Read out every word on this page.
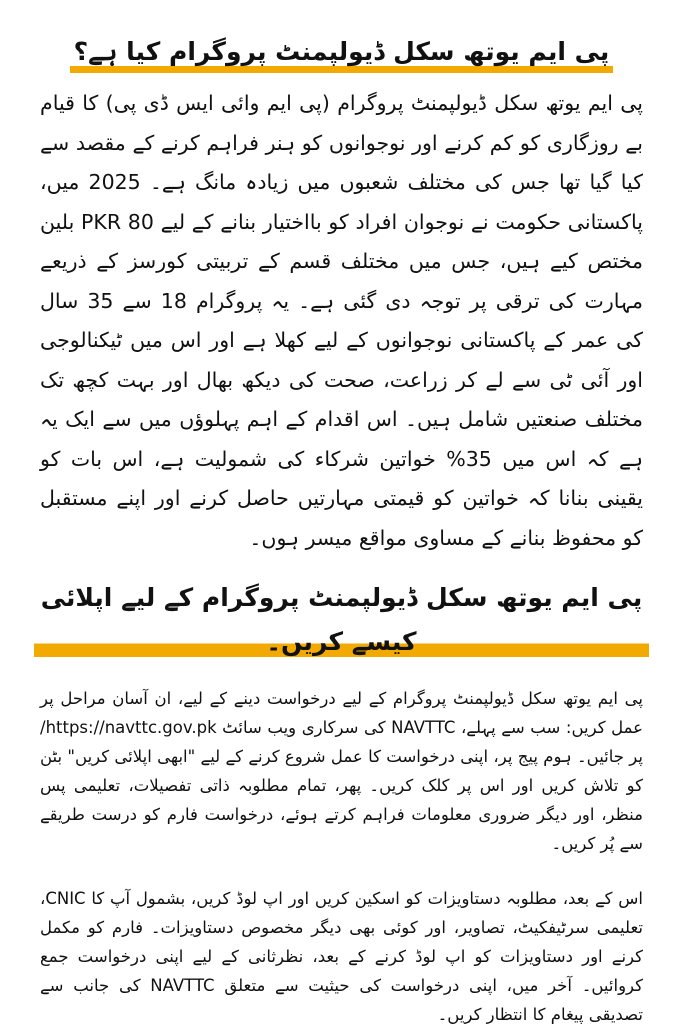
پی ایم یوتھ سکل ڈیولپمنٹ پروگرام کیا ہے؟

پی ایم یوتھ سکل ڈیولپمنٹ پروگرام (پی ایم وائی ایس ڈی پی) کا قیام بے روزگاری کو کم کرنے اور نوجوانوں کو ہنر فراہم کرنے کے مقصد سے کیا گیا تھا جس کی مختلف شعبوں میں زیادہ مانگ ہے۔ 2025 میں، پاکستانی حکومت نے نوجوان افراد کو بااختیار بنانے کے لیے PKR 80 بلین مختص کیے ہیں، جس میں مختلف قسم کے تربیتی کورسز کے ذریعے مہارت کی ترقی پر توجہ دی گئی ہے۔ یہ پروگرام 18 سے 35 سال کی عمر کے پاکستانی نوجوانوں کے لیے کھلا ہے اور اس میں ٹیکنالوجی اور آئی ٹی سے لے کر زراعت، صحت کی دیکھ بھال اور بہت کچھ تک مختلف صنعتیں شامل ہیں۔ اس اقدام کے اہم پہلوؤں میں سے ایک یہ ہے کہ اس میں 35% خواتین شرکاء کی شمولیت ہے، اس بات کو یقینی بنانا کہ خواتین کو قیمتی مہارتیں حاصل کرنے اور اپنے مستقبل کو محفوظ بنانے کے مساوی مواقع میسر ہوں۔

پی ایم یوتھ سکل ڈیولپمنٹ پروگرام کے لیے اپلائی کیسے کریں۔

پی ایم یوتھ سکل ڈیولپمنٹ پروگرام کے لیے درخواست دینے کے لیے، ان آسان مراحل پر عمل کریں: سب سے پہلے، NAVTTC کی سرکاری ویب سائٹ https://navttc.gov.pk/ پر جائیں۔ ہوم پیج پر، اپنی درخواست کا عمل شروع کرنے کے لیے "ابھی اپلائی کریں" بٹن کو تلاش کریں اور اس پر کلک کریں۔ پھر، تمام مطلوبہ ذاتی تفصیلات، تعلیمی پس منظر، اور دیگر ضروری معلومات فراہم کرتے ہوئے، درخواست فارم کو درست طریقے سے پُر کریں۔

اس کے بعد، مطلوبہ دستاویزات کو اسکین کریں اور اپ لوڈ کریں، بشمول آپ کا CNIC، تعلیمی سرٹیفکیٹ، تصاویر، اور کوئی بھی دیگر مخصوص دستاویزات۔ فارم کو مکمل کرنے اور دستاویزات کو اپ لوڈ کرنے کے بعد، نظرثانی کے لیے اپنی درخواست جمع کروائیں۔ آخر میں، اپنی درخواست کی حیثیت سے متعلق NAVTTC کی جانب سے تصدیقی پیغام کا انتظار کریں۔
